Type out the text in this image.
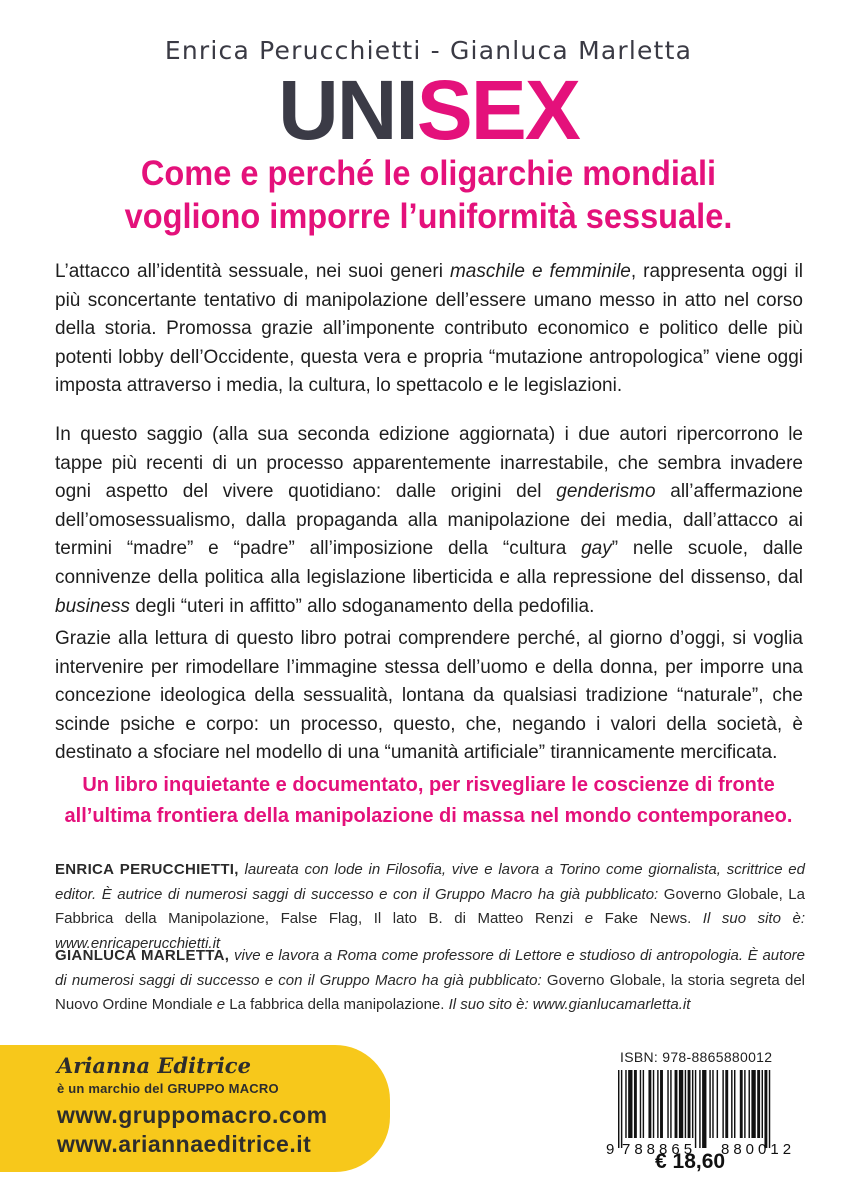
Enrica Perucchietti - Gianluca Marletta
UNISEX
Come e perché le oligarchie mondiali
vogliono imporre l’uniformità sessuale.

L’attacco all’identità sessuale, nei suoi generi maschile e femminile, rappresenta oggi il più sconcertante tentativo di manipolazione dell’essere umano messo in atto nel corso della storia. Promossa grazie all’imponente contributo economico e politico delle più potenti lobby dell’Occidente, questa vera e propria “mutazione antropologica” viene oggi imposta attraverso i media, la cultura, lo spettacolo e le legislazioni.

In questo saggio (alla sua seconda edizione aggiornata) i due autori ripercorrono le tappe più recenti di un processo apparentemente inarrestabile, che sembra invadere ogni aspetto del vivere quotidiano: dalle origini del genderismo all’affermazione dell’omosessualismo, dalla propaganda alla manipolazione dei media, dall’attacco ai termini “madre” e “padre” all’imposizione della “cultura gay” nelle scuole, dalle connivenze della politica alla legislazione liberticida e alla repressione del dissenso, dal business degli “uteri in affitto” allo sdoganamento della pedofilia.

Grazie alla lettura di questo libro potrai comprendere perché, al giorno d’oggi, si voglia intervenire per rimodellare l’immagine stessa dell’uomo e della donna, per imporre una concezione ideologica della sessualità, lontana da qualsiasi tradizione “naturale”, che scinde psiche e corpo: un processo, questo, che, negando i valori della società, è destinato a sfociare nel modello di una “umanità artificiale” tirannicamente mercificata.

Un libro inquietante e documentato, per risvegliare le coscienze di fronte
all’ultima frontiera della manipolazione di massa nel mondo contemporaneo.
ENRICA PERUCCHIETTI, laureata con lode in Filosofia, vive e lavora a Torino come giornalista, scrittrice ed editor. È autrice di numerosi saggi di successo e con il Gruppo Macro ha già pubblicato: Governo Globale, La Fabbrica della Manipolazione, False Flag, Il lato B. di Matteo Renzi e Fake News. Il suo sito è: www.enricaperucchietti.it
GIANLUCA MARLETTA, vive e lavora a Roma come professore di Lettore e studioso di antropologia. È autore di numerosi saggi di successo e con il Gruppo Macro ha già pubblicato: Governo Globale, la storia segreta del Nuovo Ordine Mondiale e La fabbrica della manipolazione. Il suo sito è: www.gianlucamarletta.it
Arianna Editrice
è un marchio del GRUPPO MACRO
www.gruppomacro.com
www.ariannaeditrice.it
ISBN: 978-8865880012
9 788865 880012
€ 18,60
